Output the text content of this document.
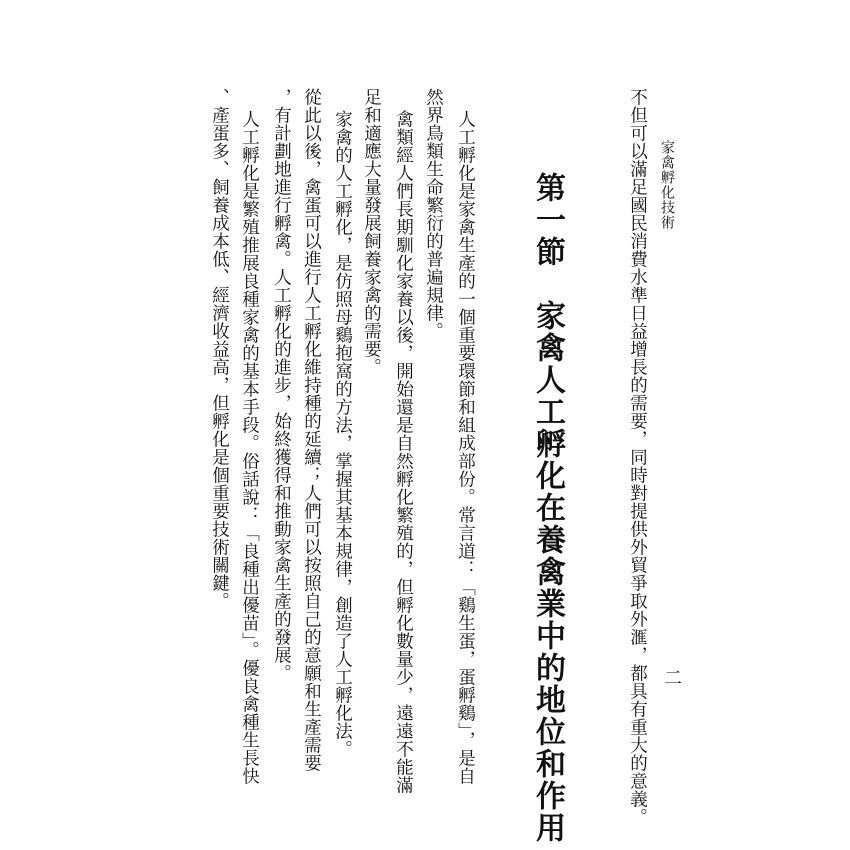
家禽孵化技術
二
不但可以滿足國民消費水準日益增長的需要，同時對提供外貿爭取外滙，都具有重大的意義。
第一節　家禽人工孵化在養禽業中的地位和作用
人工孵化是家禽生產的一個重要環節和組成部份。常言道：「鷄生蛋，蛋孵鷄」，是自
然界鳥類生命繁衍的普遍規律。
禽類經人們長期馴化家養以後，開始還是自然孵化繁殖的，但孵化數量少，遠遠不能滿
足和適應大量發展飼養家禽的需要。
家禽的人工孵化，是仿照母鷄抱窩的方法，掌握其基本規律，創造了人工孵化法。
從此以後，禽蛋可以進行人工孵化維持種的延續；人們可以按照自己的意願和生產需要
，有計劃地進行孵禽。人工孵化的進步，始終獲得和推動家禽生產的發展。
人工孵化是繁殖推展良種家禽的基本手段。俗話說：「良種出優苗」。優良禽種生長快
、產蛋多、飼養成本低、經濟收益高，但孵化是個重要技術關鍵。
